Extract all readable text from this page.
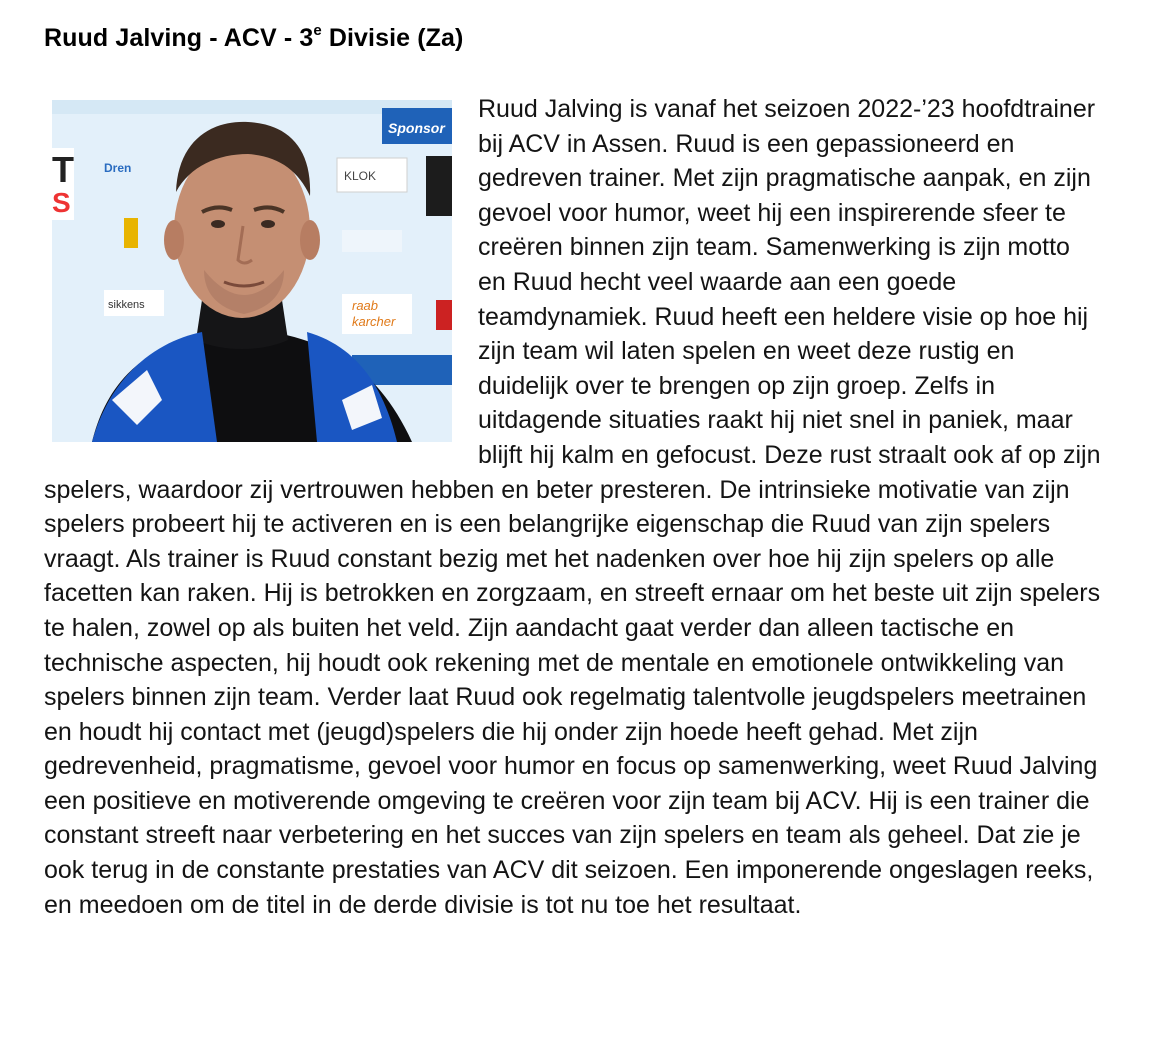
Ruud Jalving - ACV - 3e Divisie (Za)
Sponsor
T
S
Dren
sikkens
KLOK
raab
karcher
Ruud Jalving is vanaf het seizoen 2022-’23 hoofdtrainer bij ACV in Assen. Ruud is een gepassioneerd en gedreven trainer. Met zijn pragmatische aanpak, en zijn gevoel voor humor, weet hij een inspirerende sfeer te creëren binnen zijn team. Samenwerking is zijn motto en Ruud hecht veel waarde aan een goede teamdynamiek. Ruud heeft een heldere visie op hoe hij zijn team wil laten spelen en weet deze rustig en duidelijk over te brengen op zijn groep. Zelfs in uitdagende situaties raakt hij niet snel in paniek, maar blijft hij kalm en gefocust. Deze rust straalt ook af op zijn spelers, waardoor zij vertrouwen hebben en beter presteren. De intrinsieke motivatie van zijn spelers probeert hij te activeren en is een belangrijke eigenschap die Ruud van zijn spelers vraagt. Als trainer is Ruud constant bezig met het nadenken over hoe hij zijn spelers op alle facetten kan raken. Hij is betrokken en zorgzaam, en streeft ernaar om het beste uit zijn spelers te halen, zowel op als buiten het veld. Zijn aandacht gaat verder dan alleen tactische en technische aspecten, hij houdt ook rekening met de mentale en emotionele ontwikkeling van spelers binnen zijn team. Verder laat Ruud ook regelmatig talentvolle jeugdspelers meetrainen en houdt hij contact met (jeugd)spelers die hij onder zijn hoede heeft gehad. Met zijn gedrevenheid, pragmatisme, gevoel voor humor en focus op samenwerking, weet Ruud Jalving een positieve en motiverende omgeving te creëren voor zijn team bij ACV. Hij is een trainer die constant streeft naar verbetering en het succes van zijn spelers en team als geheel. Dat zie je ook terug in de constante prestaties van ACV dit seizoen. Een imponerende ongeslagen reeks, en meedoen om de titel in de derde divisie is tot nu toe het resultaat.
